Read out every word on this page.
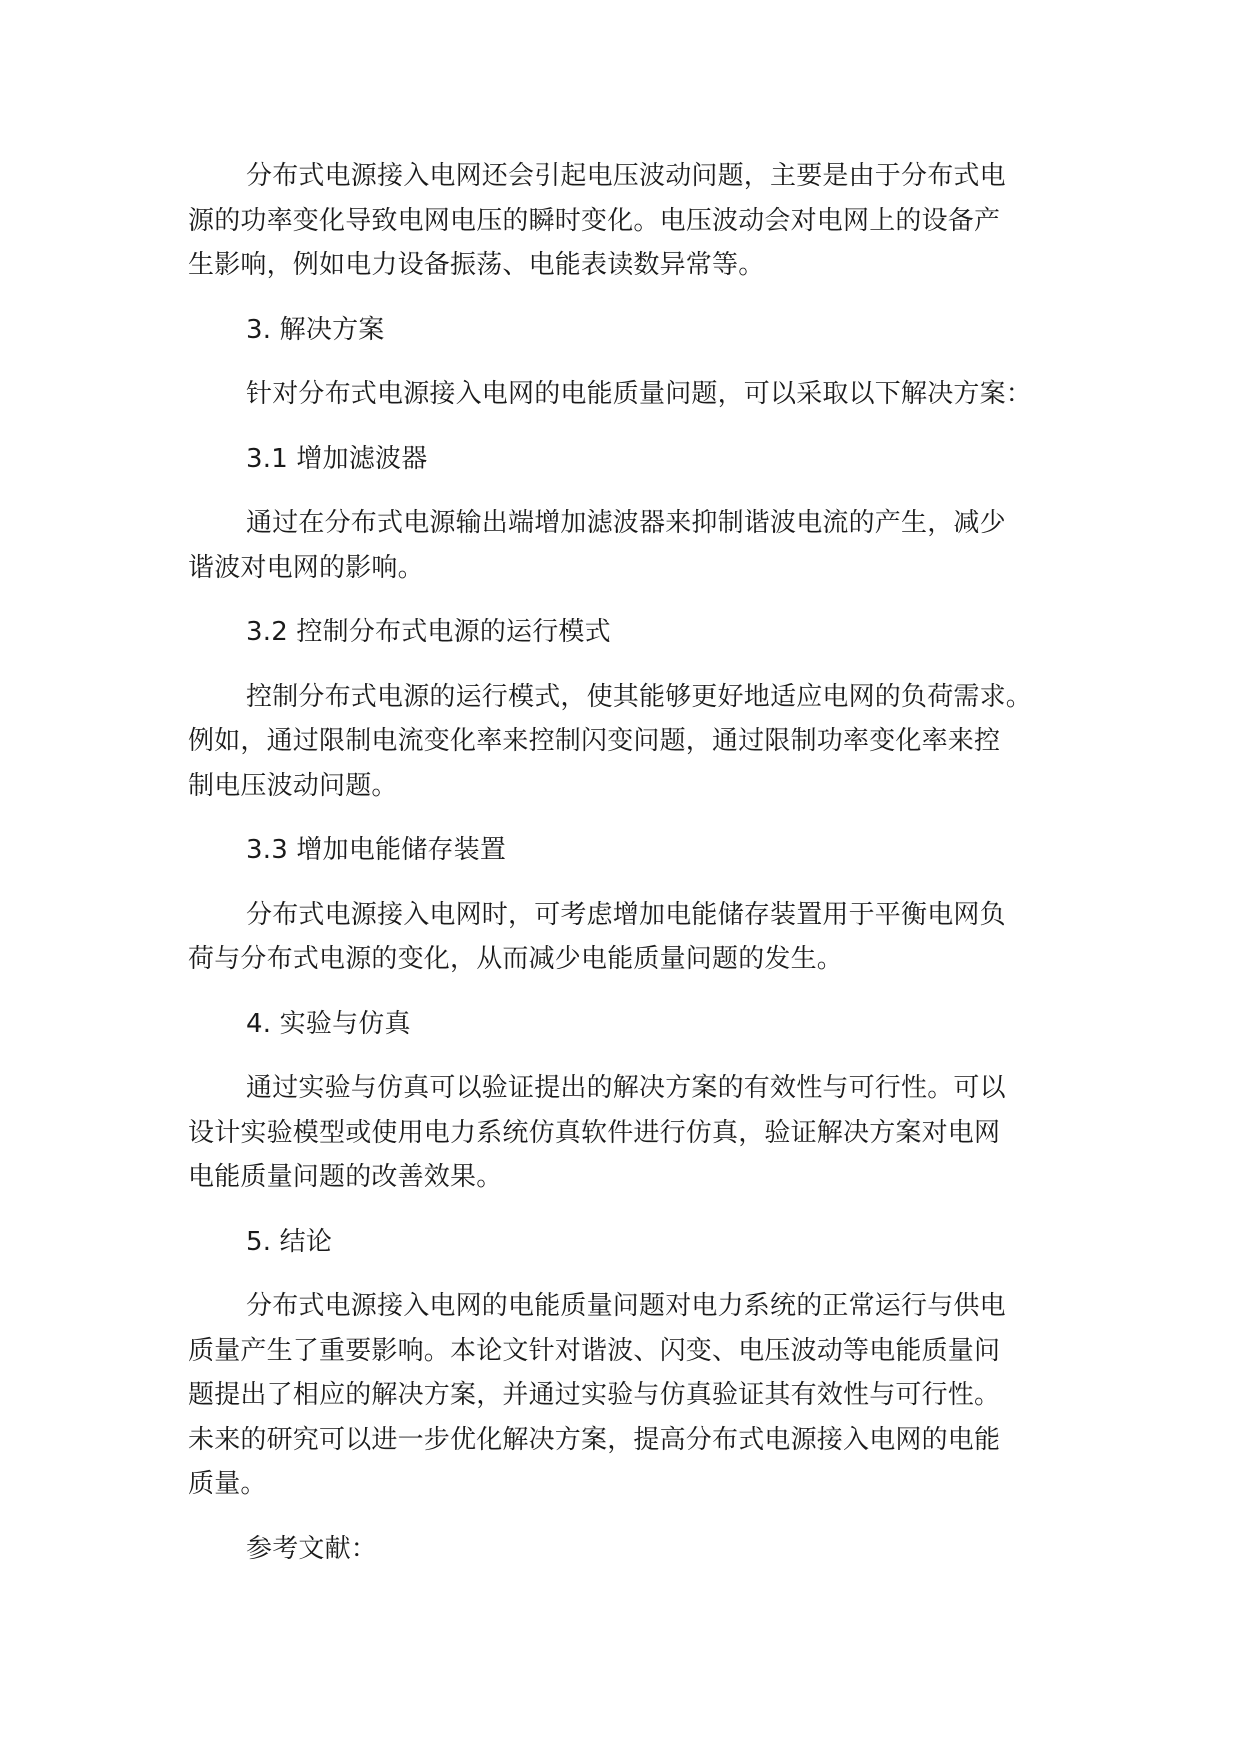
分布式电源接入电网还会引起电压波动问题，主要是由于分布式电
源的功率变化导致电网电压的瞬时变化。电压波动会对电网上的设备产
生影响，例如电力设备振荡、电能表读数异常等。

3. 解决方案

针对分布式电源接入电网的电能质量问题，可以采取以下解决方案：

3.1 增加滤波器

通过在分布式电源输出端增加滤波器来抑制谐波电流的产生，减少
谐波对电网的影响。

3.2 控制分布式电源的运行模式

控制分布式电源的运行模式，使其能够更好地适应电网的负荷需求。
例如，通过限制电流变化率来控制闪变问题，通过限制功率变化率来控
制电压波动问题。

3.3 增加电能储存装置

分布式电源接入电网时，可考虑增加电能储存装置用于平衡电网负
荷与分布式电源的变化，从而减少电能质量问题的发生。

4. 实验与仿真

通过实验与仿真可以验证提出的解决方案的有效性与可行性。可以
设计实验模型或使用电力系统仿真软件进行仿真，验证解决方案对电网
电能质量问题的改善效果。

5. 结论

分布式电源接入电网的电能质量问题对电力系统的正常运行与供电
质量产生了重要影响。本论文针对谐波、闪变、电压波动等电能质量问
题提出了相应的解决方案，并通过实验与仿真验证其有效性与可行性。
未来的研究可以进一步优化解决方案，提高分布式电源接入电网的电能
质量。

参考文献：
